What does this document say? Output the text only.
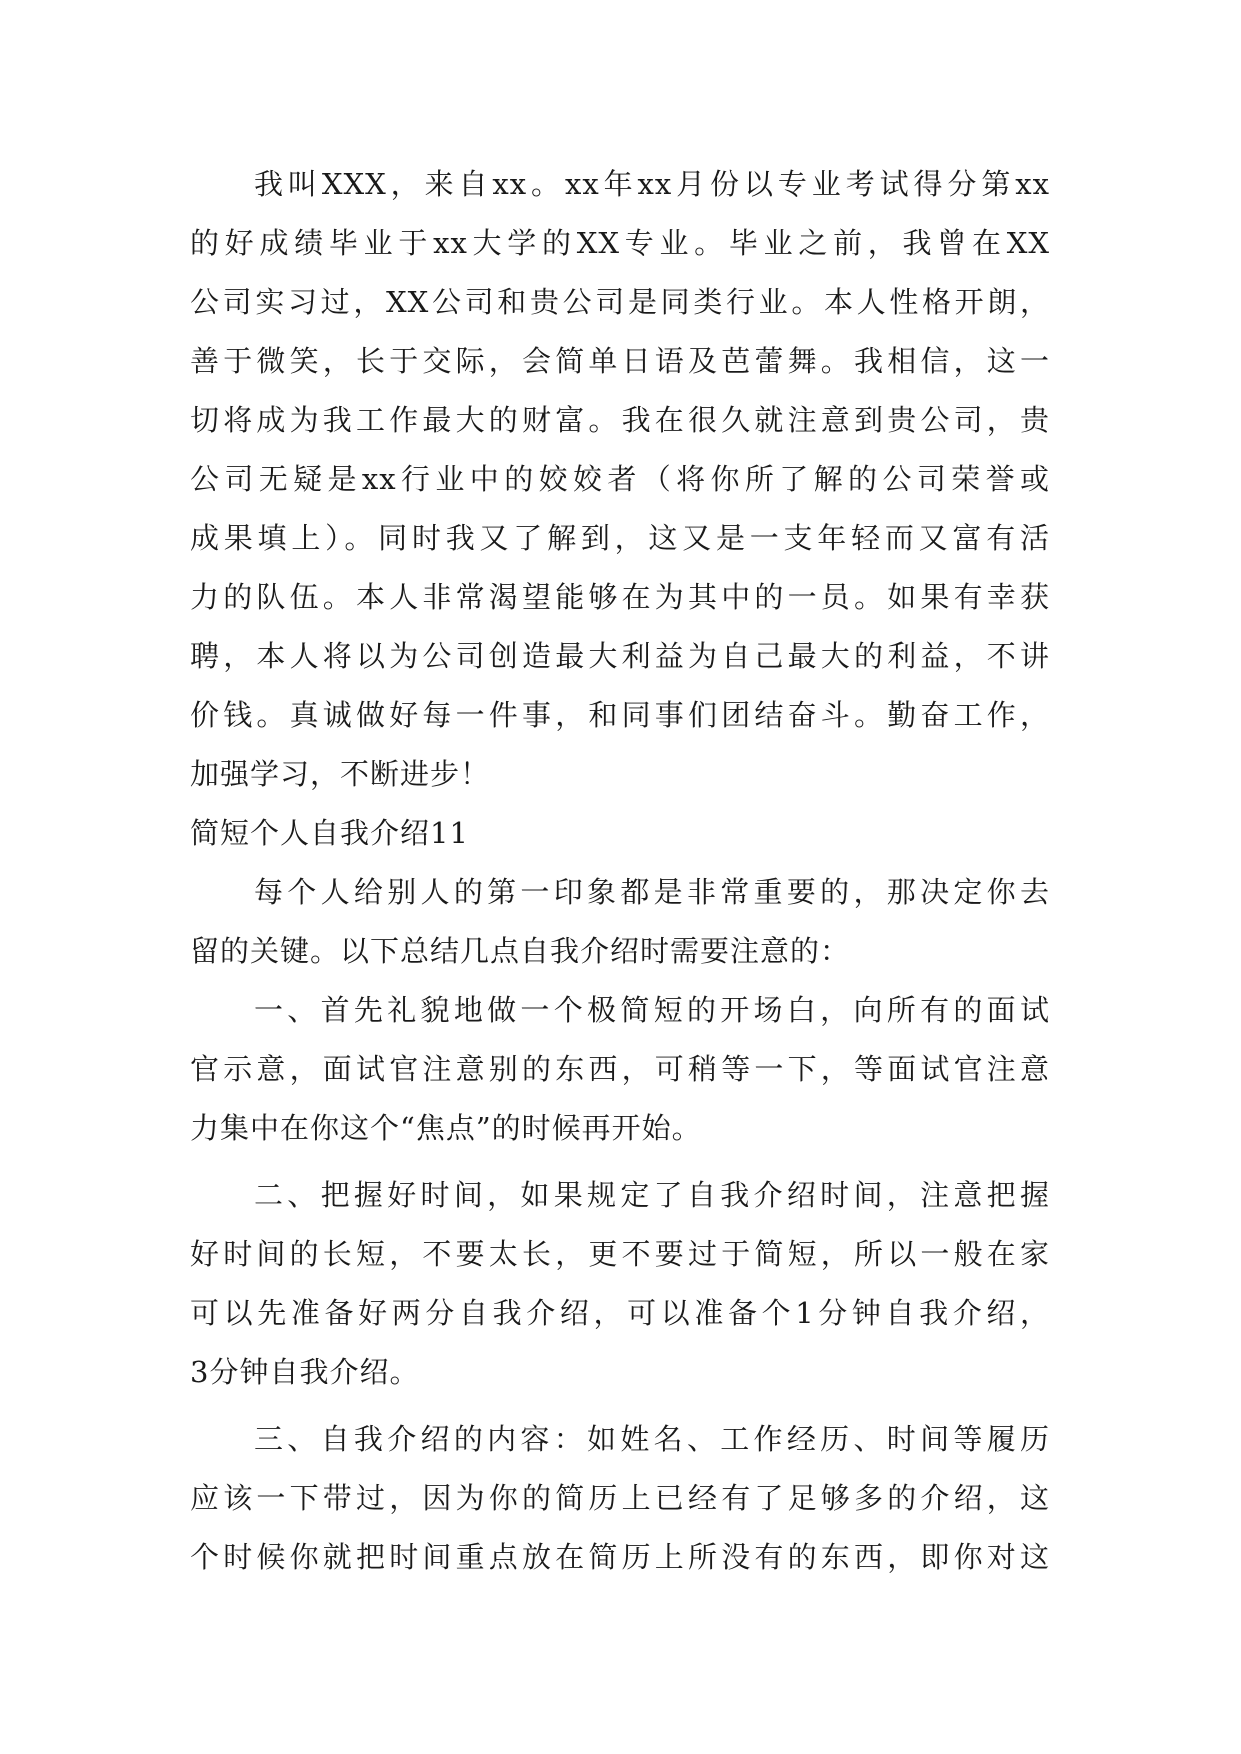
我叫XXX，来自xx。xx年xx月份以专业考试得分第xx
的好成绩毕业于xx大学的XX专业。毕业之前，我曾在XX
公司实习过，XX公司和贵公司是同类行业。本人性格开朗，
善于微笑，长于交际，会简单日语及芭蕾舞。我相信，这一
切将成为我工作最大的财富。我在很久就注意到贵公司，贵
公司无疑是xx行业中的姣姣者（将你所了解的公司荣誉或
成果填上）。同时我又了解到，这又是一支年轻而又富有活
力的队伍。本人非常渴望能够在为其中的一员。如果有幸获
聘，本人将以为公司创造最大利益为自己最大的利益，不讲
价钱。真诚做好每一件事，和同事们团结奋斗。勤奋工作，
加强学习，不断进步！
简短个人自我介绍11
每个人给别人的第一印象都是非常重要的，那决定你去
留的关键。以下总结几点自我介绍时需要注意的：
一、首先礼貌地做一个极简短的开场白，向所有的面试
官示意，面试官注意别的东西，可稍等一下，等面试官注意
力集中在你这个“焦点”的时候再开始。
二、把握好时间，如果规定了自我介绍时间，注意把握
好时间的长短，不要太长，更不要过于简短，所以一般在家
可以先准备好两分自我介绍，可以准备个1分钟自我介绍，
3分钟自我介绍。
三、自我介绍的内容：如姓名、工作经历、时间等履历
应该一下带过，因为你的简历上已经有了足够多的介绍，这
个时候你就把时间重点放在简历上所没有的东西，即你对这
